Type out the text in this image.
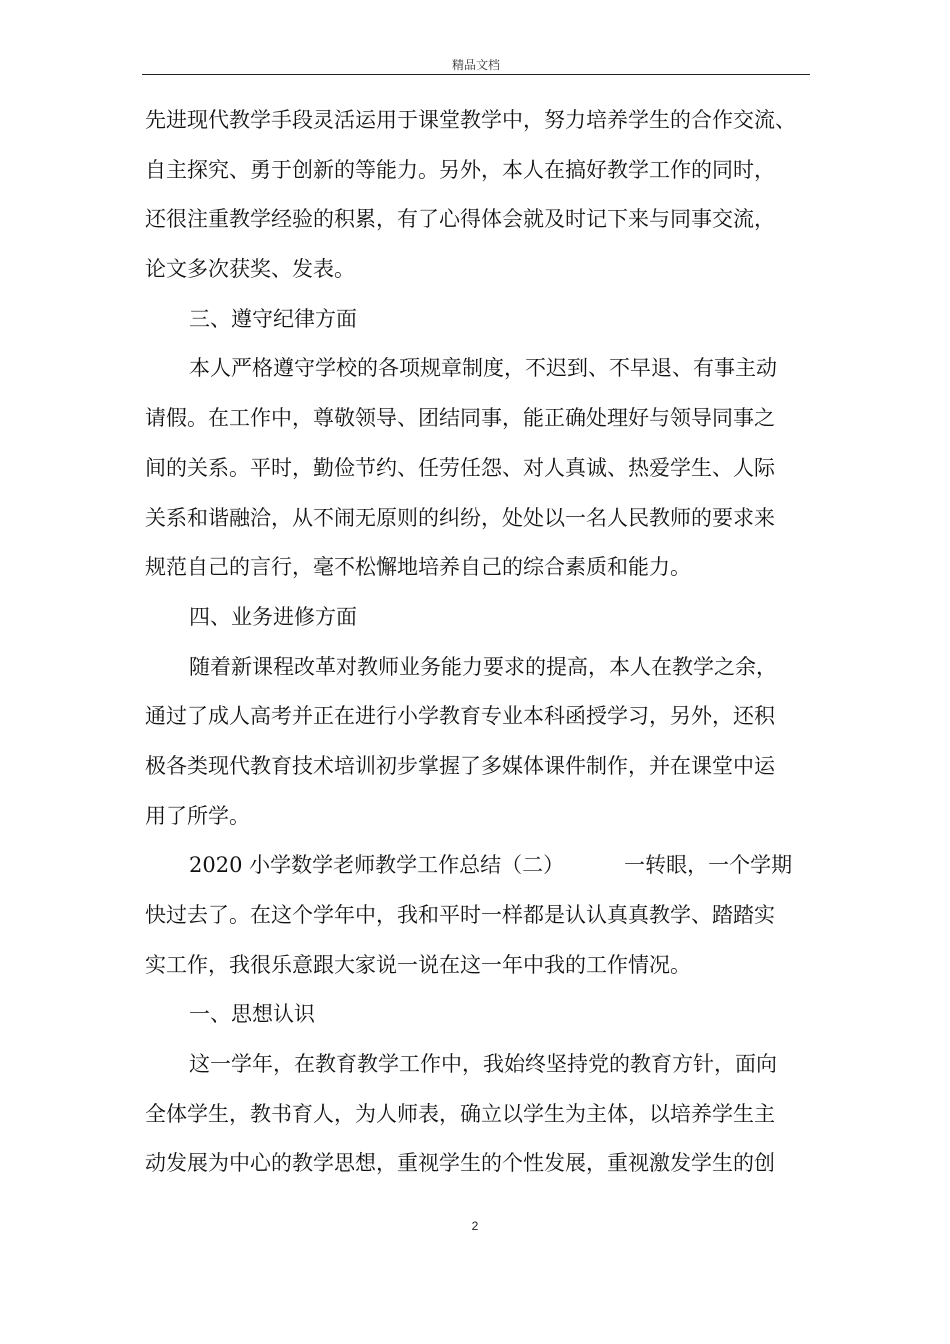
精品文档
先进现代教学手段灵活运用于课堂教学中，努力培养学生的合作交流、
自主探究、勇于创新的等能力。另外，本人在搞好教学工作的同时，
还很注重教学经验的积累，有了心得体会就及时记下来与同事交流，
论文多次获奖、发表。
三、遵守纪律方面
本人严格遵守学校的各项规章制度，不迟到、不早退、有事主动
请假。在工作中，尊敬领导、团结同事，能正确处理好与领导同事之
间的关系。平时，勤俭节约、任劳任怨、对人真诚、热爱学生、人际
关系和谐融洽，从不闹无原则的纠纷，处处以一名人民教师的要求来
规范自己的言行，毫不松懈地培养自己的综合素质和能力。
四、业务进修方面
随着新课程改革对教师业务能力要求的提高，本人在教学之余，
通过了成人高考并正在进行小学教育专业本科函授学习，另外，还积
极各类现代教育技术培训初步掌握了多媒体课件制作，并在课堂中运
用了所学。
2020 小学数学老师教学工作总结（二）	一转眼，一个学期
快过去了。在这个学年中，我和平时一样都是认认真真教学、踏踏实
实工作，我很乐意跟大家说一说在这一年中我的工作情况。
一、思想认识
这一学年，在教育教学工作中，我始终坚持党的教育方针，面向
全体学生，教书育人，为人师表，确立以学生为主体，以培养学生主
动发展为中心的教学思想，重视学生的个性发展，重视激发学生的创
2
